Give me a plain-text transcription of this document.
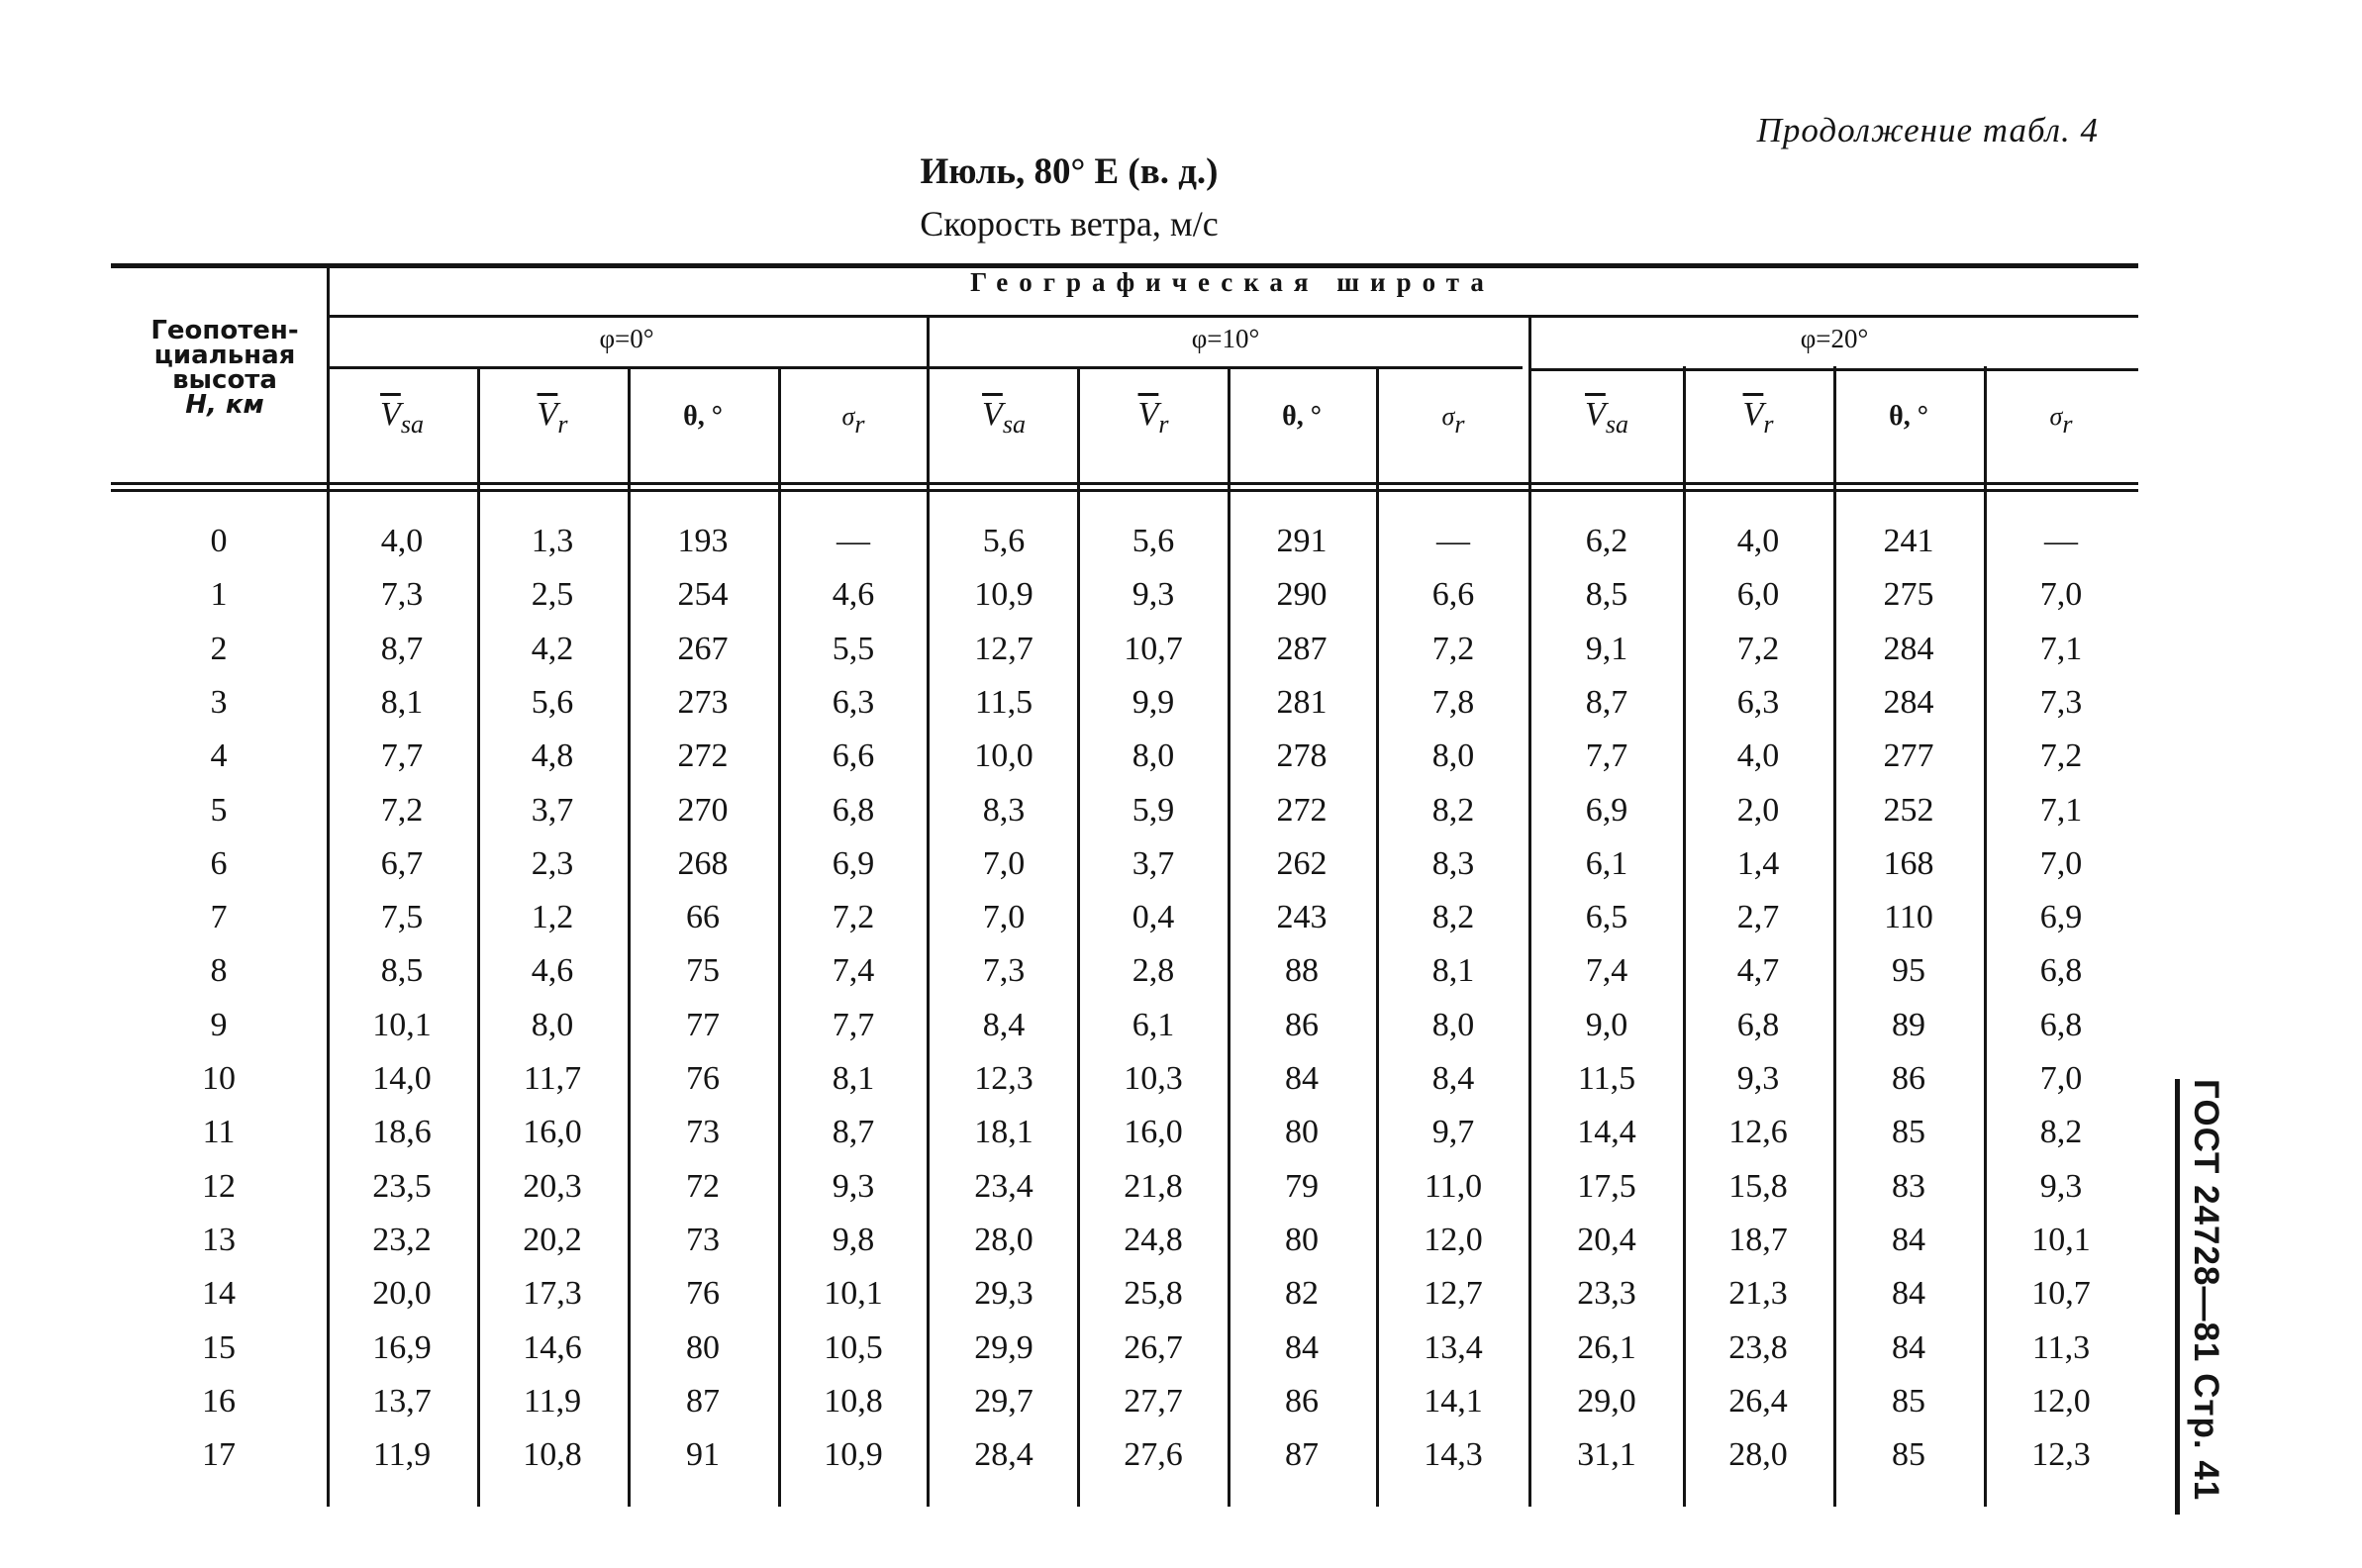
Продолжение табл. 4
Июль, 80° E (в. д.)
Скорость ветра, м/с
Географическая широта
Геопотен-
циальная
высота
H, км
φ=0°	φ=10°	φ=20°
$\overline{V}_{sa}$	$\overline{V}_r$	θ, °	$\sigma_r$	$\overline{V}_{sa}$	$\overline{V}_r$	θ, °	$\sigma_r$	$\overline{V}_{sa}$	$\overline{V}_r$	θ, °	$\sigma_r$
0	4,0	1,3	193	—	5,6	5,6	291	—	6,2	4,0	241	—
1	7,3	2,5	254	4,6	10,9	9,3	290	6,6	8,5	6,0	275	7,0
2	8,7	4,2	267	5,5	12,7	10,7	287	7,2	9,1	7,2	284	7,1
3	8,1	5,6	273	6,3	11,5	9,9	281	7,8	8,7	6,3	284	7,3
4	7,7	4,8	272	6,6	10,0	8,0	278	8,0	7,7	4,0	277	7,2
5	7,2	3,7	270	6,8	8,3	5,9	272	8,2	6,9	2,0	252	7,1
6	6,7	2,3	268	6,9	7,0	3,7	262	8,3	6,1	1,4	168	7,0
7	7,5	1,2	66	7,2	7,0	0,4	243	8,2	6,5	2,7	110	6,9
8	8,5	4,6	75	7,4	7,3	2,8	88	8,1	7,4	4,7	95	6,8
9	10,1	8,0	77	7,7	8,4	6,1	86	8,0	9,0	6,8	89	6,8
10	14,0	11,7	76	8,1	12,3	10,3	84	8,4	11,5	9,3	86	7,0
11	18,6	16,0	73	8,7	18,1	16,0	80	9,7	14,4	12,6	85	8,2
12	23,5	20,3	72	9,3	23,4	21,8	79	11,0	17,5	15,8	83	9,3
13	23,2	20,2	73	9,8	28,0	24,8	80	12,0	20,4	18,7	84	10,1
14	20,0	17,3	76	10,1	29,3	25,8	82	12,7	23,3	21,3	84	10,7
15	16,9	14,6	80	10,5	29,9	26,7	84	13,4	26,1	23,8	84	11,3
16	13,7	11,9	87	10,8	29,7	27,7	86	14,1	29,0	26,4	85	12,0
17	11,9	10,8	91	10,9	28,4	27,6	87	14,3	31,1	28,0	85	12,3	ГОСТ 24728—81 Стр. 41
